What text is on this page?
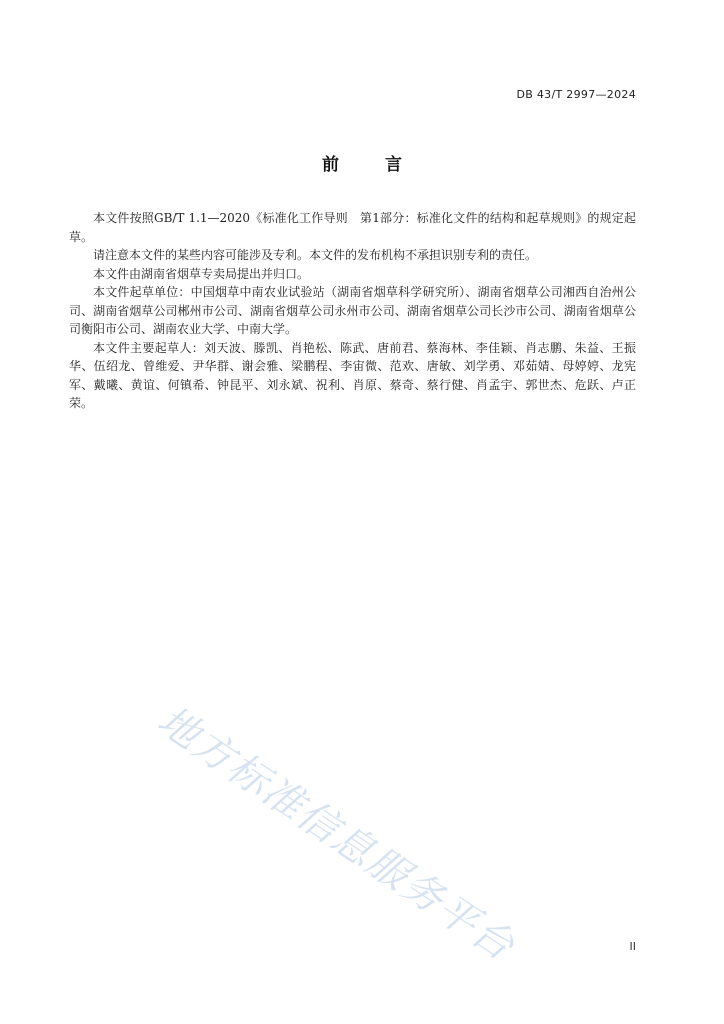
DB 43/T 2997—2024
前	言

本文件按照GB/T 1.1—2020《标准化工作导则　第1部分：标准化文件的结构和起草规则》的规定起草。

请注意本文件的某些内容可能涉及专利。本文件的发布机构不承担识别专利的责任。

本文件由湖南省烟草专卖局提出并归口。

本文件起草单位：中国烟草中南农业试验站（湖南省烟草科学研究所）、湖南省烟草公司湘西自治州公司、湖南省烟草公司郴州市公司、湖南省烟草公司永州市公司、湖南省烟草公司长沙市公司、湖南省烟草公司衡阳市公司、湖南农业大学、中南大学。

本文件主要起草人：刘天波、滕凯、肖艳松、陈武、唐前君、蔡海林、李佳颖、肖志鹏、朱益、王振华、伍绍龙、曾维爱、尹华群、谢会雅、梁鹏程、李宙微、范欢、唐敏、刘学勇、邓茹婧、母婷婷、龙宪军、戴曦、黄谊、何镇希、钟昆平、刘永斌、祝利、肖原、蔡奇、蔡行健、肖孟宇、郭世杰、危跃、卢正荣。

地方标准信息服务平台	II
